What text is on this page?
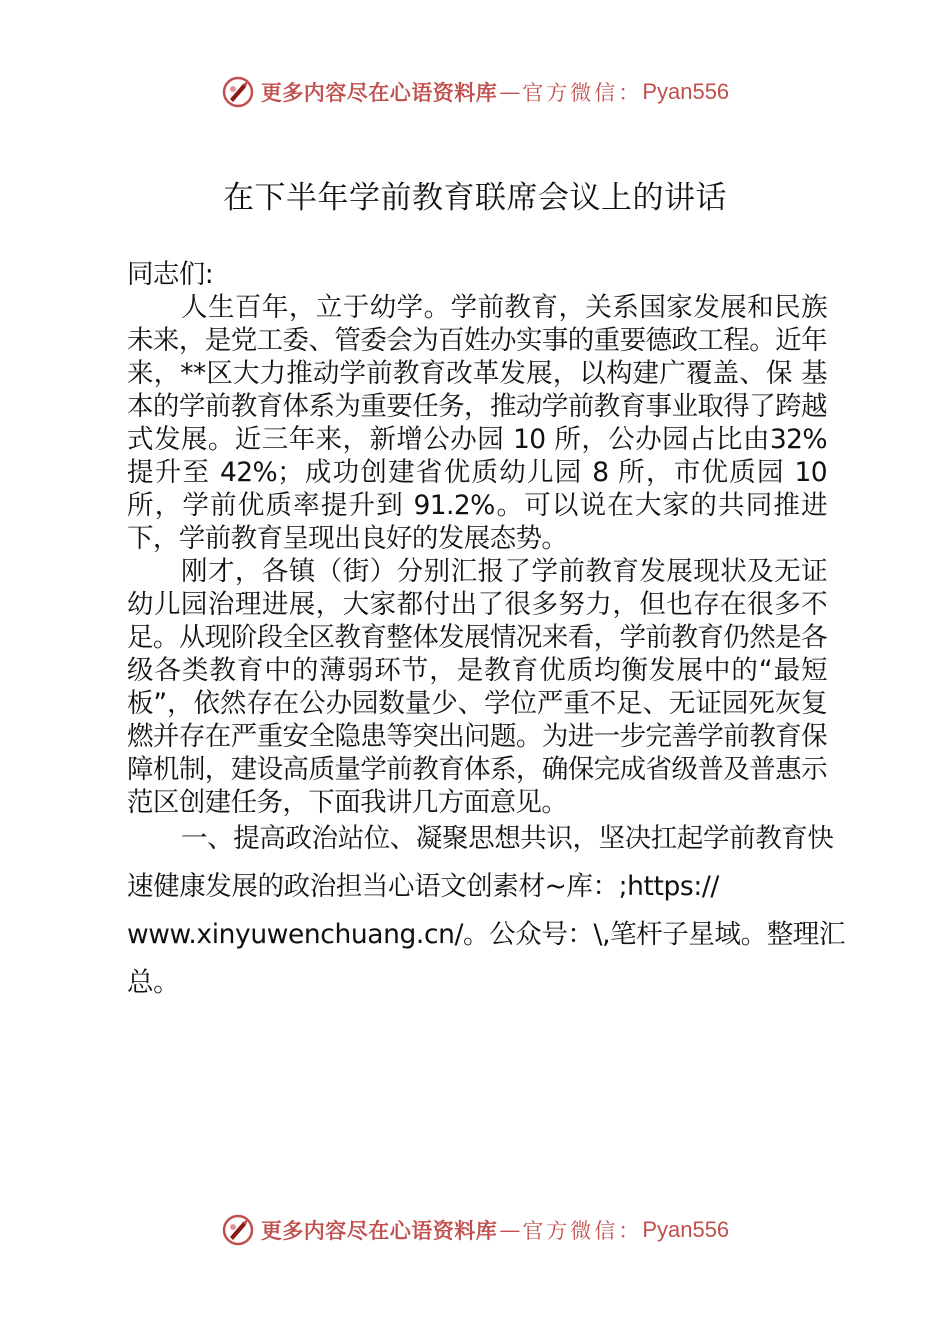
更多内容尽在心语资料库 — 官方微信： Pyan556
在下半年学前教育联席会议上的讲话

同志们:

人生百年，立于幼学。学前教育，关系国家发展和民族未来，是党工委、管委会为百姓办实事的重要德政工程。近年来，**区大力推动学前教育改革发展，以构建广覆盖、保 基本的学前教育体系为重要任务，推动学前教育事业取得了跨越式发展。近三年来，新增公办园 10 所，公办园占比由32%提升至 42%；成功创建省优质幼儿园 8 所，市优质园 10 所，学前优质率提升到 91.2%。可以说在大家的共同推进下，学前教育呈现出良好的发展态势。

刚才，各镇（街）分别汇报了学前教育发展现状及无证幼儿园治理进展，大家都付出了很多努力，但也存在很多不足。从现阶段全区教育整体发展情况来看，学前教育仍然是各级各类教育中的薄弱环节，是教育优质均衡发展中的“最短板”，依然存在公办园数量少、学位严重不足、无证园死灰复燃并存在严重安全隐患等突出问题。为进一步完善学前教育保障机制，建设高质量学前教育体系，确保完成省级普及普惠示范区创建任务，下面我讲几方面意见。

一、提高政治站位、凝聚思想共识，坚决扛起学前教育快速健康发展的政治担当心语文创素材~库：;https:// www.xinyuwenchuang.cn/。公众号：\,笔杆子星域。整理汇总。

更多内容尽在心语资料库 — 官方微信： Pyan556
